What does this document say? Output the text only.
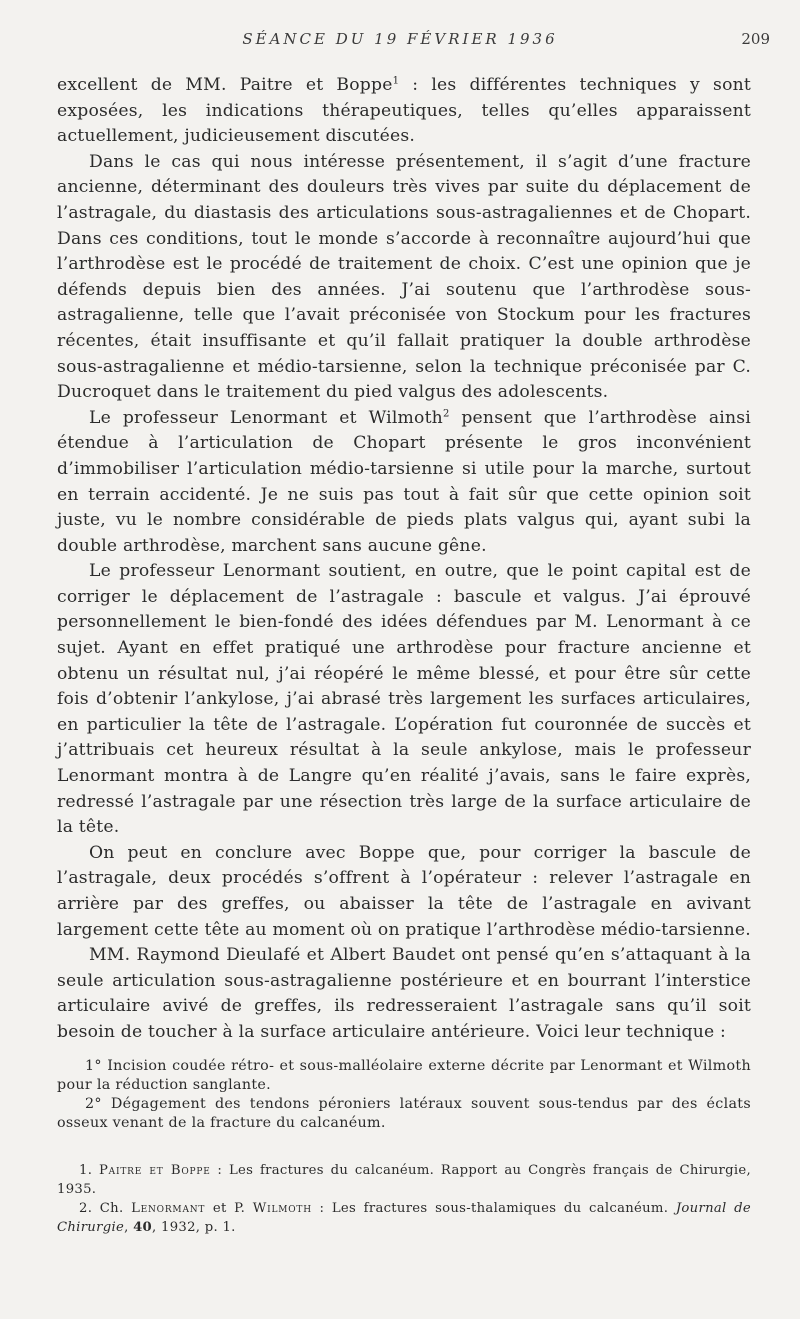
SÉANCE DU 19 FÉVRIER 1936	209

excellent de MM. Paitre et Boppe$^1$ : les différentes techniques y sont exposées, les indications thérapeutiques, telles qu’elles apparaissent actuellement, judicieusement discutées.

Dans le cas qui nous intéresse présentement, il s’agit d’une fracture ancienne, déterminant des douleurs très vives par suite du déplacement de l’astragale, du diastasis des articulations sous-astragaliennes et de Chopart. Dans ces conditions, tout le monde s’accorde à reconnaître aujourd’hui que l’arthrodèse est le procédé de traitement de choix. C’est une opinion que je défends depuis bien des années. J’ai soutenu que l’arthrodèse sous-astragalienne, telle que l’avait préconisée von Stockum pour les fractures récentes, était insuffisante et qu’il fallait pratiquer la double arthrodèse sous-astragalienne et médio-tarsienne, selon la technique préconisée par C. Ducroquet dans le traitement du pied valgus des adolescents.

Le professeur Lenormant et Wilmoth$^2$ pensent que l’arthrodèse ainsi étendue à l’articulation de Chopart présente le gros inconvénient d’immobiliser l’articulation médio-tarsienne si utile pour la marche, surtout en terrain accidenté. Je ne suis pas tout à fait sûr que cette opinion soit juste, vu le nombre considérable de pieds plats valgus qui, ayant subi la double arthrodèse, marchent sans aucune gêne.

Le professeur Lenormant soutient, en outre, que le point capital est de corriger le déplacement de l’astragale : bascule et valgus. J’ai éprouvé personnellement le bien-fondé des idées défendues par M. Lenormant à ce sujet. Ayant en effet pratiqué une arthrodèse pour fracture ancienne et obtenu un résultat nul, j’ai réopéré le même blessé, et pour être sûr cette fois d’obtenir l’ankylose, j’ai abrasé très largement les surfaces articulaires, en particulier la tête de l’astragale. L’opération fut couronnée de succès et j’attribuais cet heureux résultat à la seule ankylose, mais le professeur Lenormant montra à de Langre qu’en réalité j’avais, sans le faire exprès, redressé l’astragale par une résection très large de la surface articulaire de la tête.

On peut en conclure avec Boppe que, pour corriger la bascule de l’astragale, deux procédés s’offrent à l’opérateur : relever l’astragale en arrière par des greffes, ou abaisser la tête de l’astragale en avivant largement cette tête au moment où on pratique l’arthrodèse médio-tarsienne.

MM. Raymond Dieulafé et Albert Baudet ont pensé qu’en s’attaquant à la seule articulation sous-astragalienne postérieure et en bourrant l’interstice articulaire avivé de greffes, ils redresseraient l’astragale sans qu’il soit besoin de toucher à la surface articulaire antérieure. Voici leur technique :

1° Incision coudée rétro- et sous-malléolaire externe décrite par Lenormant et Wilmoth pour la réduction sanglante.

2° Dégagement des tendons péroniers latéraux souvent sous-tendus par des éclats osseux venant de la fracture du calcanéum.

1. Paitre et Boppe : Les fractures du calcanéum. Rapport au Congrès français de Chirurgie, 1935.

2. Ch. Lenormant et P. Wilmoth : Les fractures sous-thalamiques du calcanéum. Journal de Chirurgie, 40, 1932, p. 1.
